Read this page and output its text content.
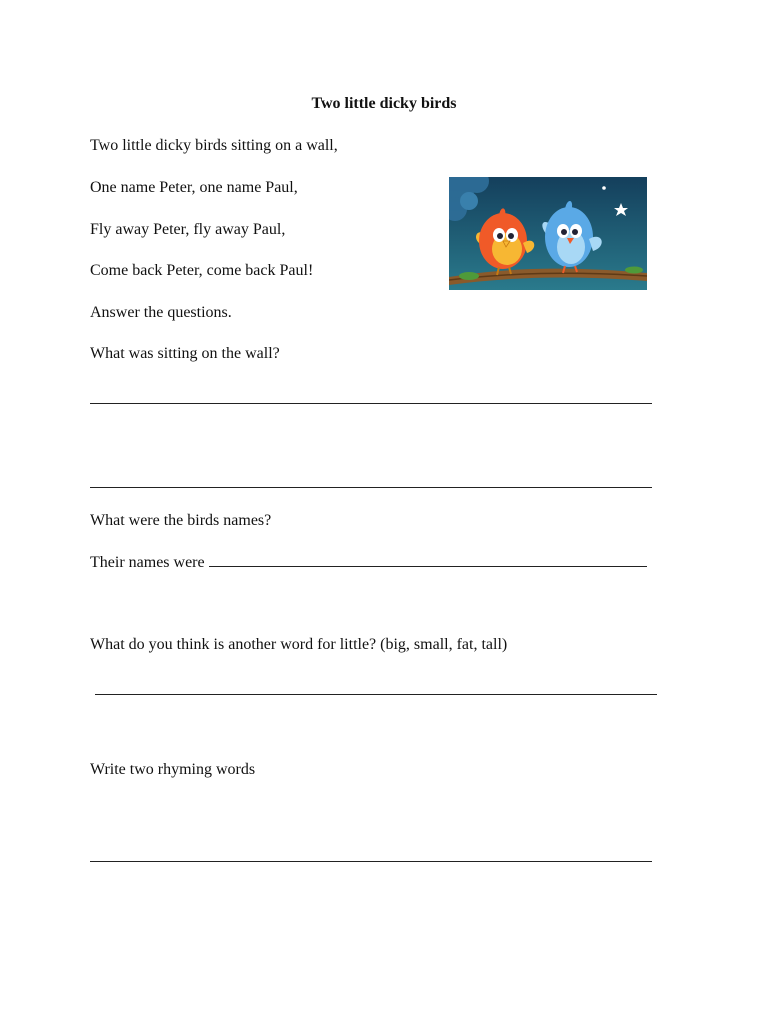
Two little dicky birds
Two little dicky birds sitting on a wall,
One name Peter, one name Paul,
Fly away Peter, fly away Paul,
Come back Peter, come back Paul!
Answer the questions.
What was sitting on the wall?
What were the birds names?
Their names were
What do you think is another word for little? (big, small, fat, tall)
Write two rhyming words
